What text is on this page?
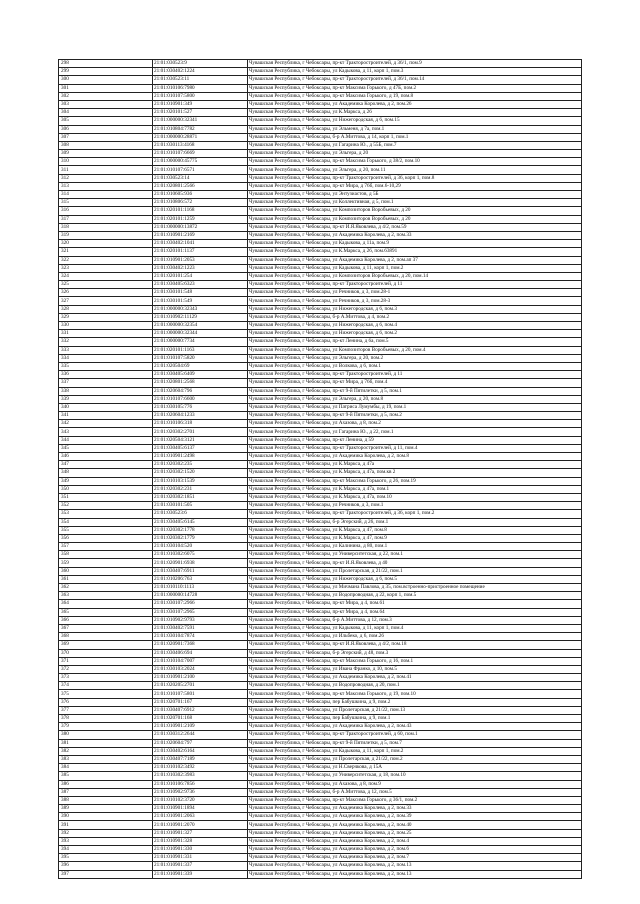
298	21:01:030523:9	Чувашская Республика, г Чебоксары, пр-кт Тракторостроителей, д 36/1, пом.9
299	21:01:030402:1224	Чувашская Республика, г Чебоксары, ул Кадыкова, д 11, корп 1, пом.3
300	21:01:030523:11	Чувашская Республика, г Чебоксары, пр-кт Тракторостроителей, д 36/1, пом.14
301	21:01:010106:7980	Чувашская Республика, г Чебоксары, пр-кт Максима Горького, д 47Б, пом.2
302	21:01:010107:5800	Чувашская Республика, г Чебоксары, пр-кт Максима Горького, д 19, пом.8
303	21:01:010901:349	Чувашская Республика, г Чебоксары, ул Академика Королева, д 2, пом.26
304	21:01:020101:527	Чувашская Республика, г Чебоксары, ул К.Маркса, д 26
305	21:01:000000:32341	Чувашская Республика, г Чебоксары, ул Нижегородская, д 6, пом.15
306	21:01:010804:7782	Чувашская Республика, г Чебоксары, ул Эльменя, д 7а, пом.1
307	21:01:000000:28871	Чувашская Республика, г Чебоксары, б-р А.Миттова, д 14, корп 1, пом.1
308	21:01:030113:4168	Чувашская Республика, г Чебоксары, ул Гагарина Ю., д 55Б, пом.7
309	21:01:010107:6669	Чувашская Республика, г Чебоксары, ул Эльгера, д 20
310	21:01:000000:45775	Чувашская Республика, г Чебоксары, пр-кт Максима Горького, д 38/2, пом.10
311	21:01:010107:6571	Чувашская Республика, г Чебоксары, ул Эльгера, д 20, пом.11
312	21:01:030523:14	Чувашская Республика, г Чебоксары, пр-кт Тракторостроителей, д 36, корп 1, пом.8
313	21:01:020801:2566	Чувашская Республика, г Чебоксары, пр-кт Мира, д 76б, пом.6-10,29
314	21:01:010605:936	Чувашская Республика, г Чебоксары, ул Энтузиастов, д 5Б
315	21:01:010806:572	Чувашская Республика, г Чебоксары, ул Коллективная, д 5, пом.1
316	21:01:020101:1168	Чувашская Республика, г Чебоксары, ул Композиторов Воробьевых, д 20
317	21:01:020101:1259	Чувашская Республика, г Чебоксары, ул Композиторов Воробьевых, д 20
318	21:01:000000:13872	Чувашская Республика, г Чебоксары, пр-кт И.Я.Яковлева, д 4/2, пом.59
319	21:01:010901:2169	Чувашская Республика, г Чебоксары, ул Академика Королева, д 2, пом.33
320	21:01:030402:1041	Чувашская Республика, г Чебоксары, ул Кадыкова, д 11а, пом.9
321	21:01:020101:1137	Чувашская Республика, г Чебоксары, ул К.Маркса, д 26, пом.63891
322	21:01:010901:2053	Чувашская Республика, г Чебоксары, ул Академика Королева, д 2, пом.ап 37
323	21:01:030402:1223	Чувашская Республика, г Чебоксары, ул Кадыкова, д 11, корп 1, пом.2
324	21:01:020101:254	Чувашская Республика, г Чебоксары, ул Композиторов Воробьевых, д 20, пом.14
325	21:01:030405:6323	Чувашская Республика, г Чебоксары, пр-кт Тракторостроителей, д 11
326	21:01:030101:548	Чувашская Республика, г Чебоксары, ул Речников, д 3, пом.28-1
327	21:01:030101:549	Чувашская Республика, г Чебоксары, ул Речников, д 3, пом.28-3
328	21:01:000000:32343	Чувашская Республика, г Чебоксары, ул Нижегородская, д 6, пом.3
329	21:01:010902:11129	Чувашская Республика, г Чебоксары, б-р А.Миттова, д 4, пом.2
330	21:01:000000:32354	Чувашская Республика, г Чебоксары, ул Нижегородская, д 6, пом.4
331	21:01:000000:32344	Чувашская Республика, г Чебоксары, ул Нижегородская, д 6, пом.2
332	21:01:000000:7734	Чувашская Республика, г Чебоксары, пр-кт Ленина, д 6а, пом.5
333	21:01:020101:1163	Чувашская Республика, г Чебоксары, ул Композиторов Воробьевых, д 20, пом.4
334	21:01:010107:5820	Чувашская Республика, г Чебоксары, ул Эльгера, д 20, пом.2
335	21:01:020504:69	Чувашская Республика, г Чебоксары, ул Волкова, д 6, пом.1
336	21:01:030405:6409	Чувашская Республика, г Чебоксары, пр-кт Тракторостроителей, д 11
337	21:01:020801:2568	Чувашская Республика, г Чебоксары, пр-кт Мира, д 76б, пом.4
338	21:01:020604:796	Чувашская Республика, г Чебоксары, пр-кт 9-й Пятилетки, д 5, пом.1
339	21:01:010107:6600	Чувашская Республика, г Чебоксары, ул Эльгера, д 20, пом.8
340	21:01:030105:776	Чувашская Республика, г Чебоксары, ул Патриса Лумумбы, д 19, пом.1
341	21:01:020604:1233	Чувашская Республика, г Чебоксары, пр-кт 9-й Пятилетки, д 5, пом.2
342	21:01:010106:318	Чувашская Республика, г Чебоксары, ул Ахазова, д 8, пом.2
343	21:01:020302:2701	Чувашская Республика, г Чебоксары, ул Гагарина Ю., д 22, пом.1
344	21:01:020504:3121	Чувашская Республика, г Чебоксары, пр-кт Ленина, д 59
345	21:01:030405:6137	Чувашская Республика, г Чебоксары, пр-кт Тракторостроителей, д 11, пом.4
346	21:01:010901:2498	Чувашская Республика, г Чебоксары, ул Академика Королева, д 2, пом.8
347	21:01:020302:235	Чувашская Республика, г Чебоксары, ул К.Маркса, д 47а
348	21:01:020302:1520	Чувашская Республика, г Чебоксары, ул К.Маркса, д 47а, пом.кв 2
349	21:01:010103:1539	Чувашская Республика, г Чебоксары, пр-кт Максима Горького, д 26, пом.19
350	21:01:020302:231	Чувашская Республика, г Чебоксары, ул К.Маркса, д 47а, пом.1
351	21:01:020302:1851	Чувашская Республика, г Чебоксары, ул К.Маркса, д 47а, пом.10
352	21:01:030101:505	Чувашская Республика, г Чебоксары, ул Речников, д 3, пом.1
353	21:01:030523:6	Чувашская Республика, г Чебоксары, пр-кт Тракторостроителей, д 36, корп 1, пом.2
354	21:01:030405:6145	Чувашская Республика, г Чебоксары, б-р Эгерский, д 26, пом.1
355	21:01:020302:1778	Чувашская Республика, г Чебоксары, ул К.Маркса, д 47, пом.8
356	21:01:020302:1779	Чувашская Республика, г Чебоксары, ул К.Маркса, д 47, пом.9
357	21:01:030104:520	Чувашская Республика, г Чебоксары, ул Калинина, д 80, пом.1
358	21:01:010302:6075	Чувашская Республика, г Чебоксары, ул Университетская, д 22, пом.1
359	21:01:020901:6938	Чувашская Республика, г Чебоксары, пр-кт И.Я.Яковлева, д 40
360	21:01:030407:6911	Чувашская Республика, г Чебоксары, ул Пролетарская, д 21/22, пом.1
361	21:01:010206:763	Чувашская Республика, г Чебоксары, ул Нижегородская, д 6, пом.5
362	21:01:010110:1113	Чувашская Республика, г Чебоксары, ул Мичмана Павлова, д 35, пом.встроенно-пристроенное помещение
363	21:01:000000:14728	Чувашская Республика, г Чебоксары, ул Водопроводная, д 22, корп 1, пом.5
364	21:01:030107:2966	Чувашская Республика, г Чебоксары, пр-кт Мира, д 4, пом.61
365	21:01:030107:2965	Чувашская Республика, г Чебоксары, пр-кт Мира, д 4, пом.64
366	21:01:010902:9793	Чувашская Республика, г Чебоксары, б-р А.Миттова, д 12, пом.3
367	21:01:030402:7591	Чувашская Республика, г Чебоксары, ул Кадыкова, д 11, корп 1, пом.4
368	21:01:030104:7874	Чувашская Республика, г Чебоксары, ул Ильбеко, д 6, пом.26
369	21:01:020901:7368	Чувашская Республика, г Чебоксары, пр-кт И.Я.Яковлева, д 4/2, пом.18
370	21:01:030406:694	Чувашская Республика, г Чебоксары, б-р Эгерский, д 48, пом.3
371	21:01:010104:7007	Чувашская Республика, г Чебоксары, пр-кт Максима Горького, д 16, пом.1
372	21:01:030103:2024	Чувашская Республика, г Чебоксары, ул Ивана Франко, д 10, пом.5
373	21:01:010901:2100	Чувашская Республика, г Чебоксары, ул Академика Королева, д 2, пом.41
374	21:01:020205:2701	Чувашская Республика, г Чебоксары, ул Водопроводная, д 20, пом.1
375	21:01:010107:5801	Чувашская Республика, г Чебоксары, пр-кт Максима Горького, д 19, пом.10
376	21:01:020701:167	Чувашская Республика, г Чебоксары, пер Бабушкина, д 9, пом.2
377	21:01:030407:6912	Чувашская Республика, г Чебоксары, ул Пролетарская, д 21/22, пом.13
378	21:01:020701:168	Чувашская Республика, г Чебоксары, пер Бабушкина, д 9, пом.1
379	21:01:010901:2109	Чувашская Республика, г Чебоксары, ул Академика Королева, д 2, пом.43
380	21:01:030312:2644	Чувашская Республика, г Чебоксары, пр-кт Тракторостроителей, д 60, пом.1
381	21:01:020604:797	Чувашская Республика, г Чебоксары, пр-кт 9-й Пятилетки, д 5, пом.7
382	21:01:030402:6164	Чувашская Республика, г Чебоксары, ул Кадыкова, д 11, корп 1, пом.2
383	21:01:030407:7189	Чувашская Республика, г Чебоксары, ул Пролетарская, д 21/22, пом.2
384	21:01:010102:3492	Чувашская Республика, г Чебоксары, ул Н.Сверчкова, д 15А
385	21:01:010302:3983	Чувашская Республика, г Чебоксары, ул Университетская, д 18, пом.10
386	21:01:010106:7856	Чувашская Республика, г Чебоксары, ул Ахазова, д 8, пом.9
387	21:01:010902:9736	Чувашская Республика, г Чебоксары, б-р А.Миттова, д 12, пом.5
388	21:01:010102:3720	Чувашская Республика, г Чебоксары, пр-кт Максима Горького, д 36/1, пом.2
389	21:01:010901:1894	Чувашская Республика, г Чебоксары, ул Академика Королева, д 2, пом.33
390	21:01:010901:2063	Чувашская Республика, г Чебоксары, ул Академика Королева, д 2, пом.39
391	21:01:010901:2070	Чувашская Республика, г Чебоксары, ул Академика Королева, д 2, пом.40
392	21:01:010901:327	Чувашская Республика, г Чебоксары, ул Академика Королева, д 2, пом.25
393	21:01:010901:328	Чувашская Республика, г Чебоксары, ул Академика Королева, д 2, пом.4
394	21:01:010901:330	Чувашская Республика, г Чебоксары, ул Академика Королева, д 2, пом.6
395	21:01:010901:331	Чувашская Республика, г Чебоксары, ул Академика Королева, д 2, пом.7
396	21:01:010901:337	Чувашская Республика, г Чебоксары, ул Академика Королева, д 2, пом.13
397	21:01:010901:339	Чувашская Республика, г Чебоксары, ул Академика Королева, д 2, пом.13
